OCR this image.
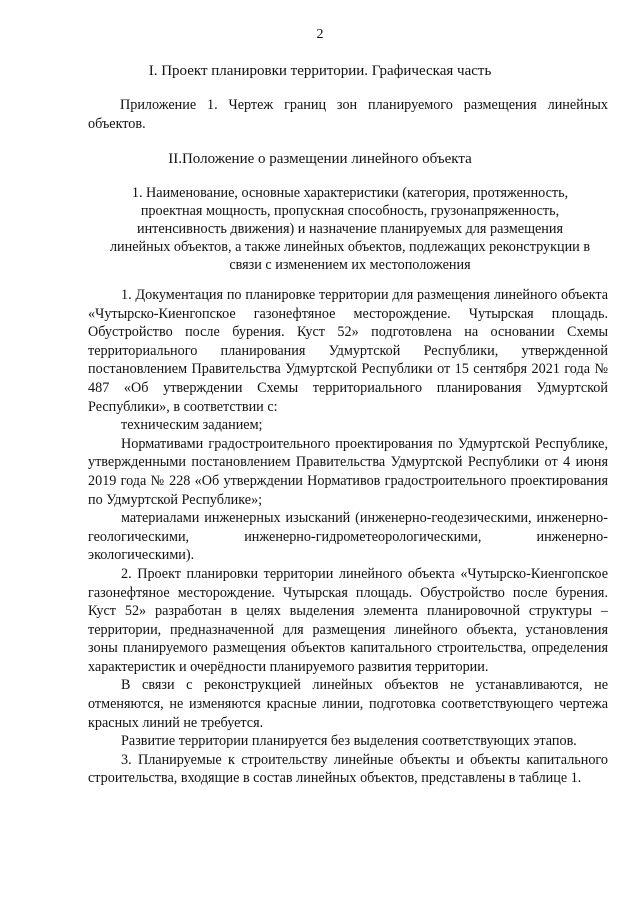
2
I. Проект планировки территории. Графическая часть
Приложение 1. Чертеж границ зон планируемого размещения линейных объектов.
II.Положение о размещении линейного объекта
1. Наименование, основные характеристики (категория, протяженность, проектная мощность, пропускная способность, грузонапряженность, интенсивность движения) и назначение планируемых для размещения линейных объектов, а также линейных объектов, подлежащих реконструкции в связи с изменением их местоположения

1. Документация по планировке территории для размещения линейного объекта «Чутырско-Киенгопское газонефтяное месторождение. Чутырская площадь. Обустройство после бурения. Куст 52» подготовлена на основании Схемы территориального планирования Удмуртской Республики, утвержденной постановлением Правительства Удмуртской Республики от 15 сентября 2021 года № 487 «Об утверждении Схемы территориального планирования Удмуртской Республики», в соответствии с:

техническим заданием;

Нормативами градостроительного проектирования по Удмуртской Республике, утвержденными постановлением Правительства Удмуртской Республики от 4 июня 2019 года № 228 «Об утверждении Нормативов градостроительного проектирования по Удмуртской Республике»;

материалами инженерных изысканий (инженерно-геодезическими, инженерно-геологическими, инженерно-гидрометеорологическими, инженерно-экологическими).

2. Проект планировки территории линейного объекта «Чутырско-Киенгопское газонефтяное месторождение. Чутырская площадь. Обустройство после бурения. Куст 52» разработан в целях выделения элемента планировочной структуры – территории, предназначенной для размещения линейного объекта, установления зоны планируемого размещения объектов капитального строительства, определения характеристик и очерёдности планируемого развития территории.

В связи с реконструкцией линейных объектов не устанавливаются, не отменяются, не изменяются красные линии, подготовка соответствующего чертежа красных линий не требуется.

Развитие территории планируется без выделения соответствующих этапов.

3. Планируемые к строительству линейные объекты и объекты капитального строительства, входящие в состав линейных объектов, представлены в таблице 1.
